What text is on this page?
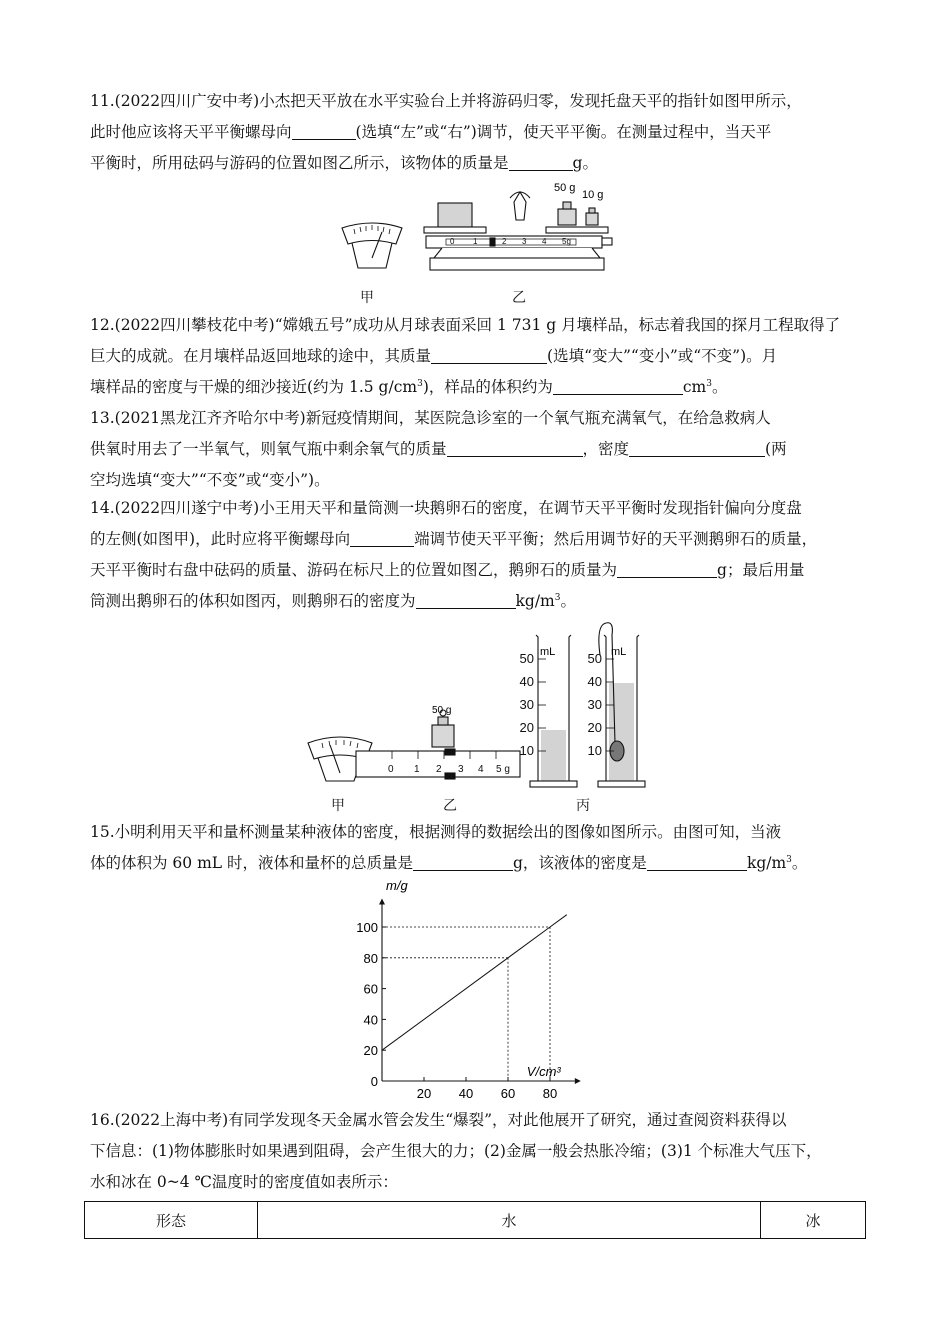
11.(2022四川广安中考)小杰把天平放在水平实验台上并将游码归零，发现托盘天平的指针如图甲所示，
此时他应该将天平平衡螺母向	(选填“左”或“右”)调节，使天平平衡。在测量过程中，当天平
平衡时，所用砝码与游码的位置如图乙所示，该物体的质量是	g。
50 g
10 g
0 1	2 3 4 5g
甲	乙
12.(2022四川攀枝花中考)“嫦娥五号”成功从月球表面采回 1 731 g 月壤样品，标志着我国的探月工程取得了
巨大的成就。在月壤样品返回地球的途中，其质量	(选填“变大”“变小”或“不变”)。月
壤样品的密度与干燥的细沙接近(约为 1.5 $g/cm^3$)，样品的体积约为	$cm^3$。
13.(2021黑龙江齐齐哈尔中考)新冠疫情期间，某医院急诊室的一个氧气瓶充满氧气，在给急救病人
供氧时用去了一半氧气，则氧气瓶中剩余氧气的质量	，密度	(两
空均选填“变大”“不变”或“变小”)。
14.(2022四川遂宁中考)小王用天平和量筒测一块鹅卵石的密度，在调节天平平衡时发现指针偏向分度盘
的左侧(如图甲)，此时应将平衡螺母向	端调节使天平平衡；然后用调节好的天平测鹅卵石的质量，
天平平衡时右盘中砝码的质量、游码在标尺上的位置如图乙，鹅卵石的质量为	g；最后用量
筒测出鹅卵石的体积如图丙，则鹅卵石的密度为	$kg/m^3$。
50 g
0 1 2 3 4 5 g
mL
50
40
30
20
10
mL
50
40
30
20
10
甲	乙	丙
15.小明利用天平和量杯测量某种液体的密度，根据测得的数据绘出的图像如图所示。由图可知，当液
体的体积为 60 mL 时，液体和量杯的总质量是	g，该液体的密度是	$kg/m^3$。
0
20
40
60
80
100
20 40 60 80
m/g
V/cm³
16.(2022上海中考)有同学发现冬天金属水管会发生“爆裂”，对此他展开了研究，通过查阅资料获得以
下信息：(1)物体膨胀时如果遇到阻碍，会产生很大的力；(2)金属一般会热胀冷缩；(3)1 个标准大气压下，
水和冰在 0~4 ℃温度时的密度值如表所示：
形态	水	冰
